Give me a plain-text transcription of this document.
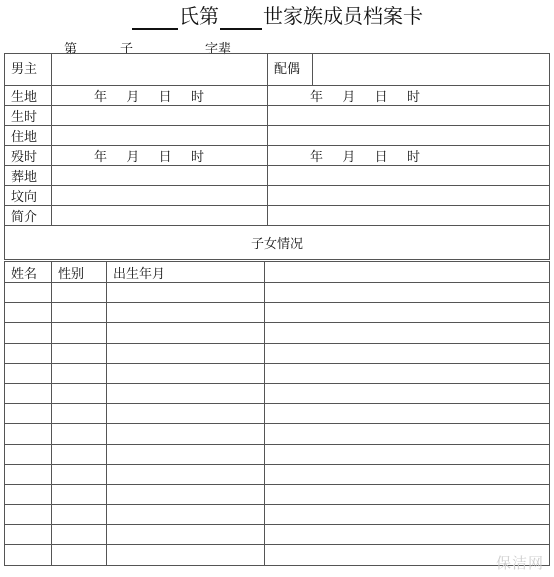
氏第 世家族成员档案卡
第	子	字辈
男主		配偶	
生地	年 月 日 时	年 月 日 时	

生时			
住地			
殁时	年 月 日 时	年 月 日 时	

葬地			
坟向			
简介			
子女情况			
姓名	性别	出生年月	

保洁网
